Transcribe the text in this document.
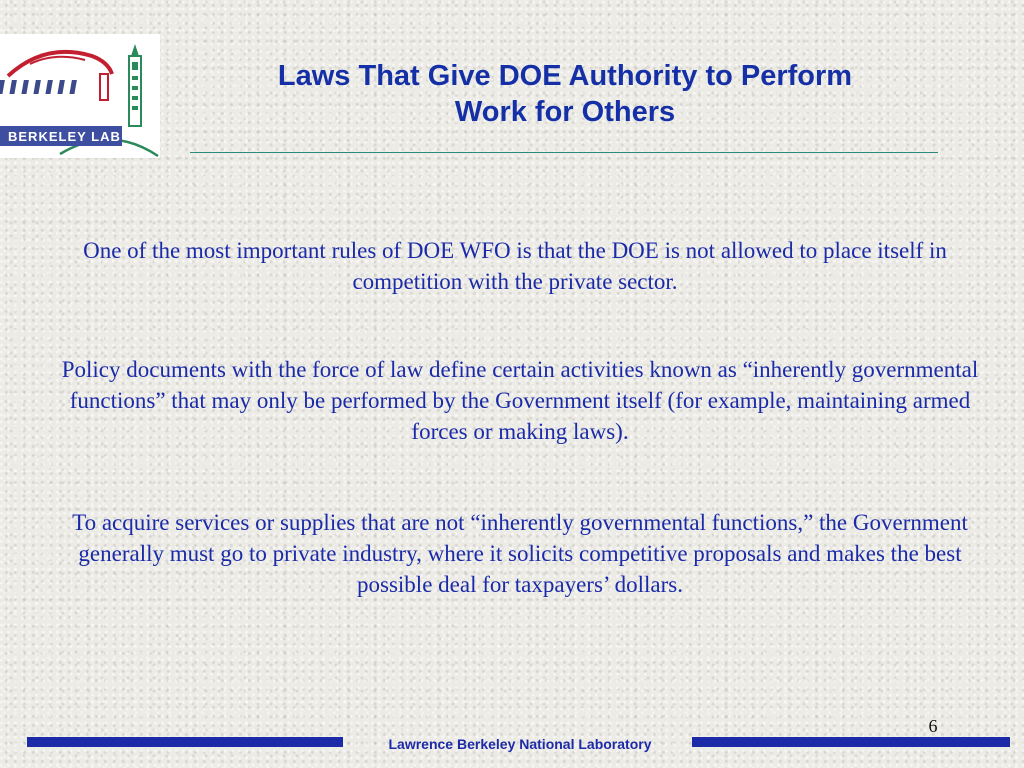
BERKELEY LAB
Laws That Give DOE Authority to Perform
Work for Others
One of the most important rules of DOE WFO is that the DOE is not allowed to place itself in competition with the private sector.
Policy documents with the force of law define certain activities known as “inherently governmental functions” that may only be performed by the Government itself (for example, maintaining armed forces or making laws).
To acquire services or supplies that are not “inherently governmental functions,” the Government generally must go to private industry, where it solicits competitive proposals and makes the best possible deal for taxpayers’ dollars.
6
Lawrence Berkeley National Laboratory
